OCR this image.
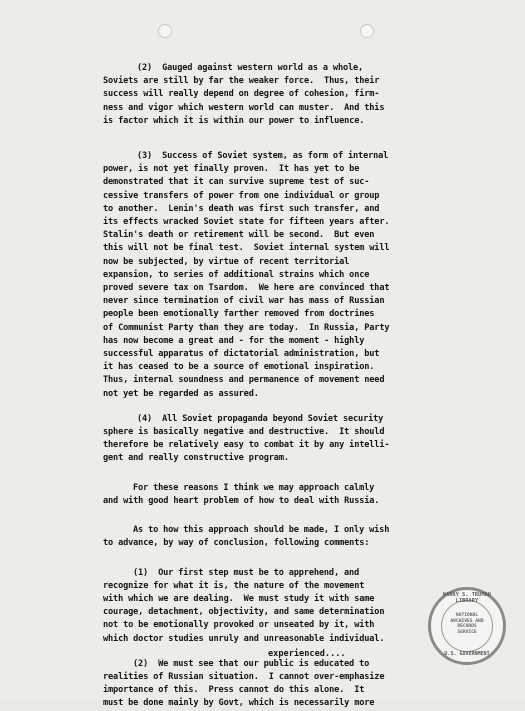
(2)  Gauged against western world as a whole,

Soviets are still by far the weaker force.  Thus, their

success will really depend on degree of cohesion, firm-

ness and vigor which western world can muster.  And this

is factor which it is within our power to influence.

(3)  Success of Soviet system, as form of internal

power, is not yet finally proven.  It has yet to be

demonstrated that it can survive supreme test of suc-

cessive transfers of power from one individual or group

to another.  Lenin's death was first such transfer, and

its effects wracked Soviet state for fifteen years after.

Stalin's death or retirement will be second.  But even

this will not be final test.  Soviet internal system will

now be subjected, by virtue of recent territorial

expansion, to series of additional strains which once

proved severe tax on Tsardom.  We here are convinced that

never since termination of civil war has mass of Russian

people been emotionally farther removed from doctrines

of Communist Party than they are today.  In Russia, Party

has now become a great and - for the moment - highly

successful apparatus of dictatorial administration, but

it has ceased to be a source of emotional inspiration.

Thus, internal soundness and permanence of movement need

not yet be regarded as assured.

(4)  All Soviet propaganda beyond Soviet security

sphere is basically negative and destructive.  It should

therefore be relatively easy to combat it by any intelli-

gent and really constructive program.

For these reasons I think we may approach calmly

and with good heart problem of how to deal with Russia.

As to how this approach should be made, I only wish

to advance, by way of conclusion, following comments:

(1)  Our first step must be to apprehend, and

recognize for what it is, the nature of the movement

with which we are dealing.  We must study it with same

courage, detachment, objectivity, and same determination

not to be emotionally provoked or unseated by it, with

which doctor studies unruly and unreasonable individual.

(2)  We must see that our public is educated to

realities of Russian situation.  I cannot over-emphasize

importance of this.  Press cannot do this alone.  It

must be done mainly by Govt, which is necessarily more

experienced....
HARRY S. TRUMAN LIBRARY
NATIONAL
ARCHIVES AND
RECORDS
SERVICE
U.S. GOVERNMENT
